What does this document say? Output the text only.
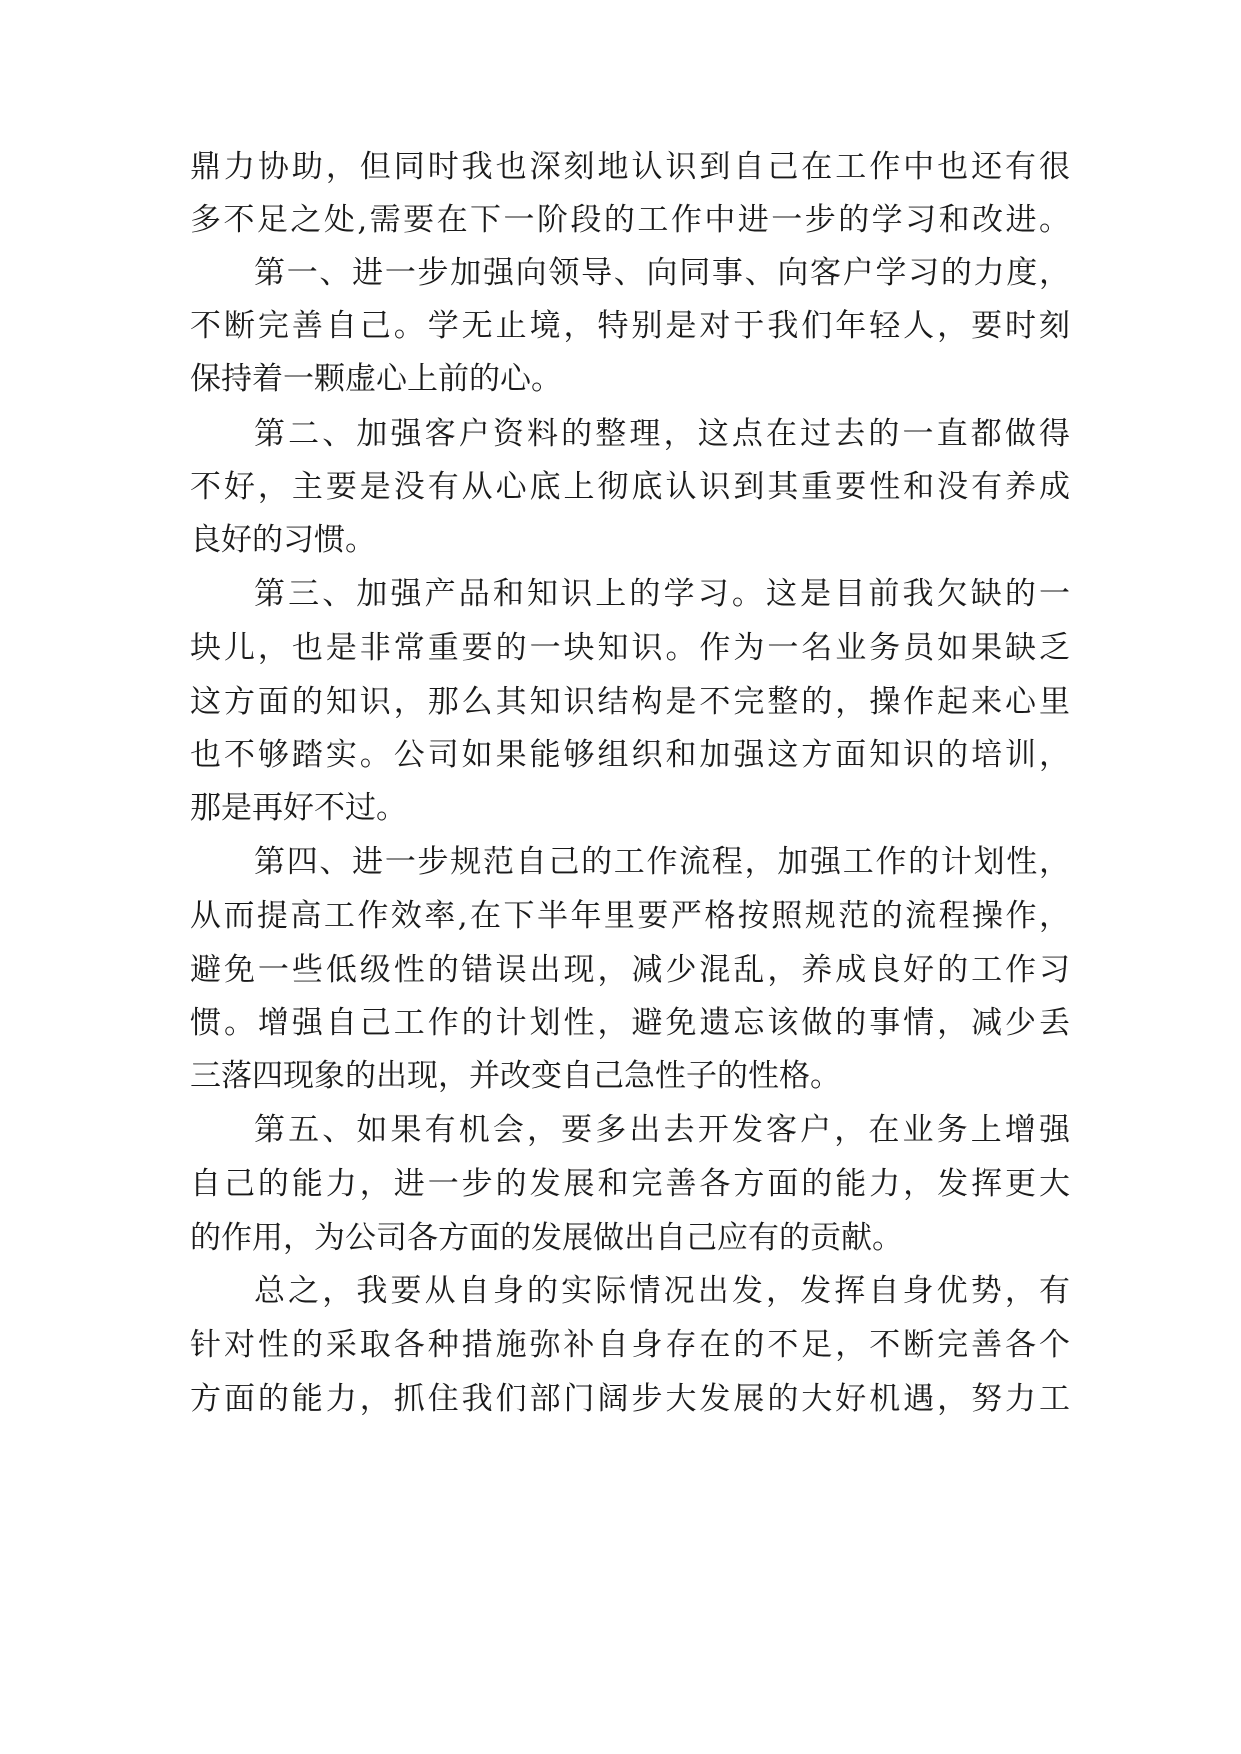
鼎力协助，但同时我也深刻地认识到自己在工作中也还有很
多不足之处,需要在下一阶段的工作中进一步的学习和改进。
第一、进一步加强向领导、向同事、向客户学习的力度，
不断完善自己。学无止境，特别是对于我们年轻人，要时刻
保持着一颗虚心上前的心。
第二、加强客户资料的整理，这点在过去的一直都做得
不好，主要是没有从心底上彻底认识到其重要性和没有养成
良好的习惯。
第三、加强产品和知识上的学习。这是目前我欠缺的一
块儿，也是非常重要的一块知识。作为一名业务员如果缺乏
这方面的知识，那么其知识结构是不完整的，操作起来心里
也不够踏实。公司如果能够组织和加强这方面知识的培训，
那是再好不过。
第四、进一步规范自己的工作流程，加强工作的计划性，
从而提高工作效率,在下半年里要严格按照规范的流程操作，
避免一些低级性的错误出现，减少混乱，养成良好的工作习
惯。增强自己工作的计划性，避免遗忘该做的事情，减少丢
三落四现象的出现，并改变自己急性子的性格。
第五、如果有机会，要多出去开发客户，在业务上增强
自己的能力，进一步的发展和完善各方面的能力，发挥更大
的作用，为公司各方面的发展做出自己应有的贡献。
总之，我要从自身的实际情况出发，发挥自身优势，有
针对性的采取各种措施弥补自身存在的不足，不断完善各个
方面的能力，抓住我们部门阔步大发展的大好机遇，努力工
